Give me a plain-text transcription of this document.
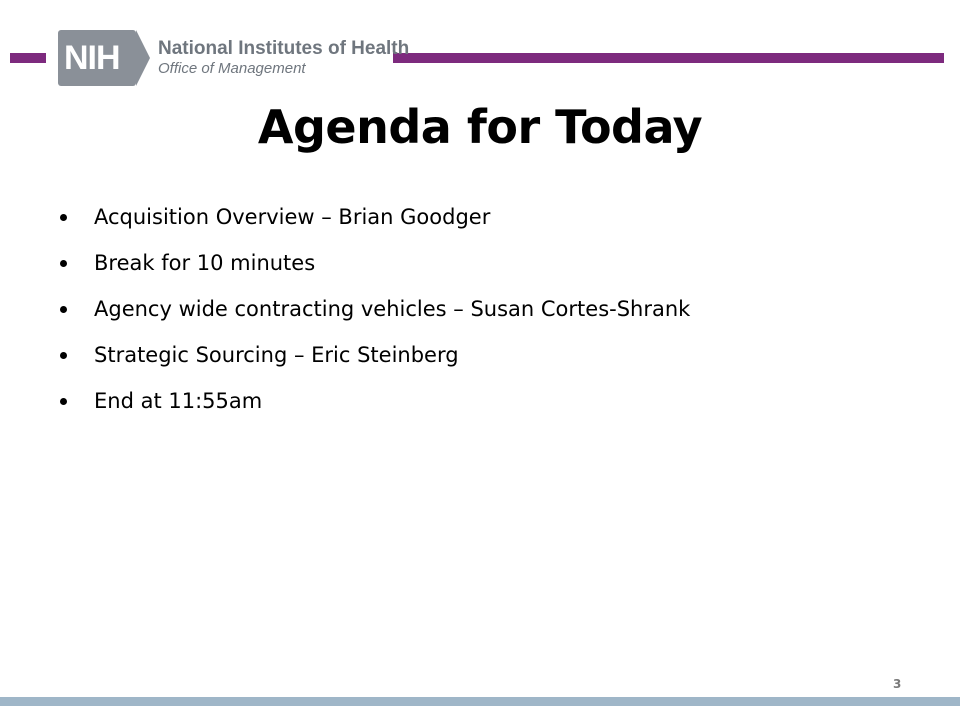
NIH National Institutes of Health
Office of Management
Agenda for Today
Acquisition Overview – Brian Goodger
Break for 10 minutes
Agency wide contracting vehicles – Susan Cortes-Shrank
Strategic Sourcing – Eric Steinberg
End at 11:55am
3
